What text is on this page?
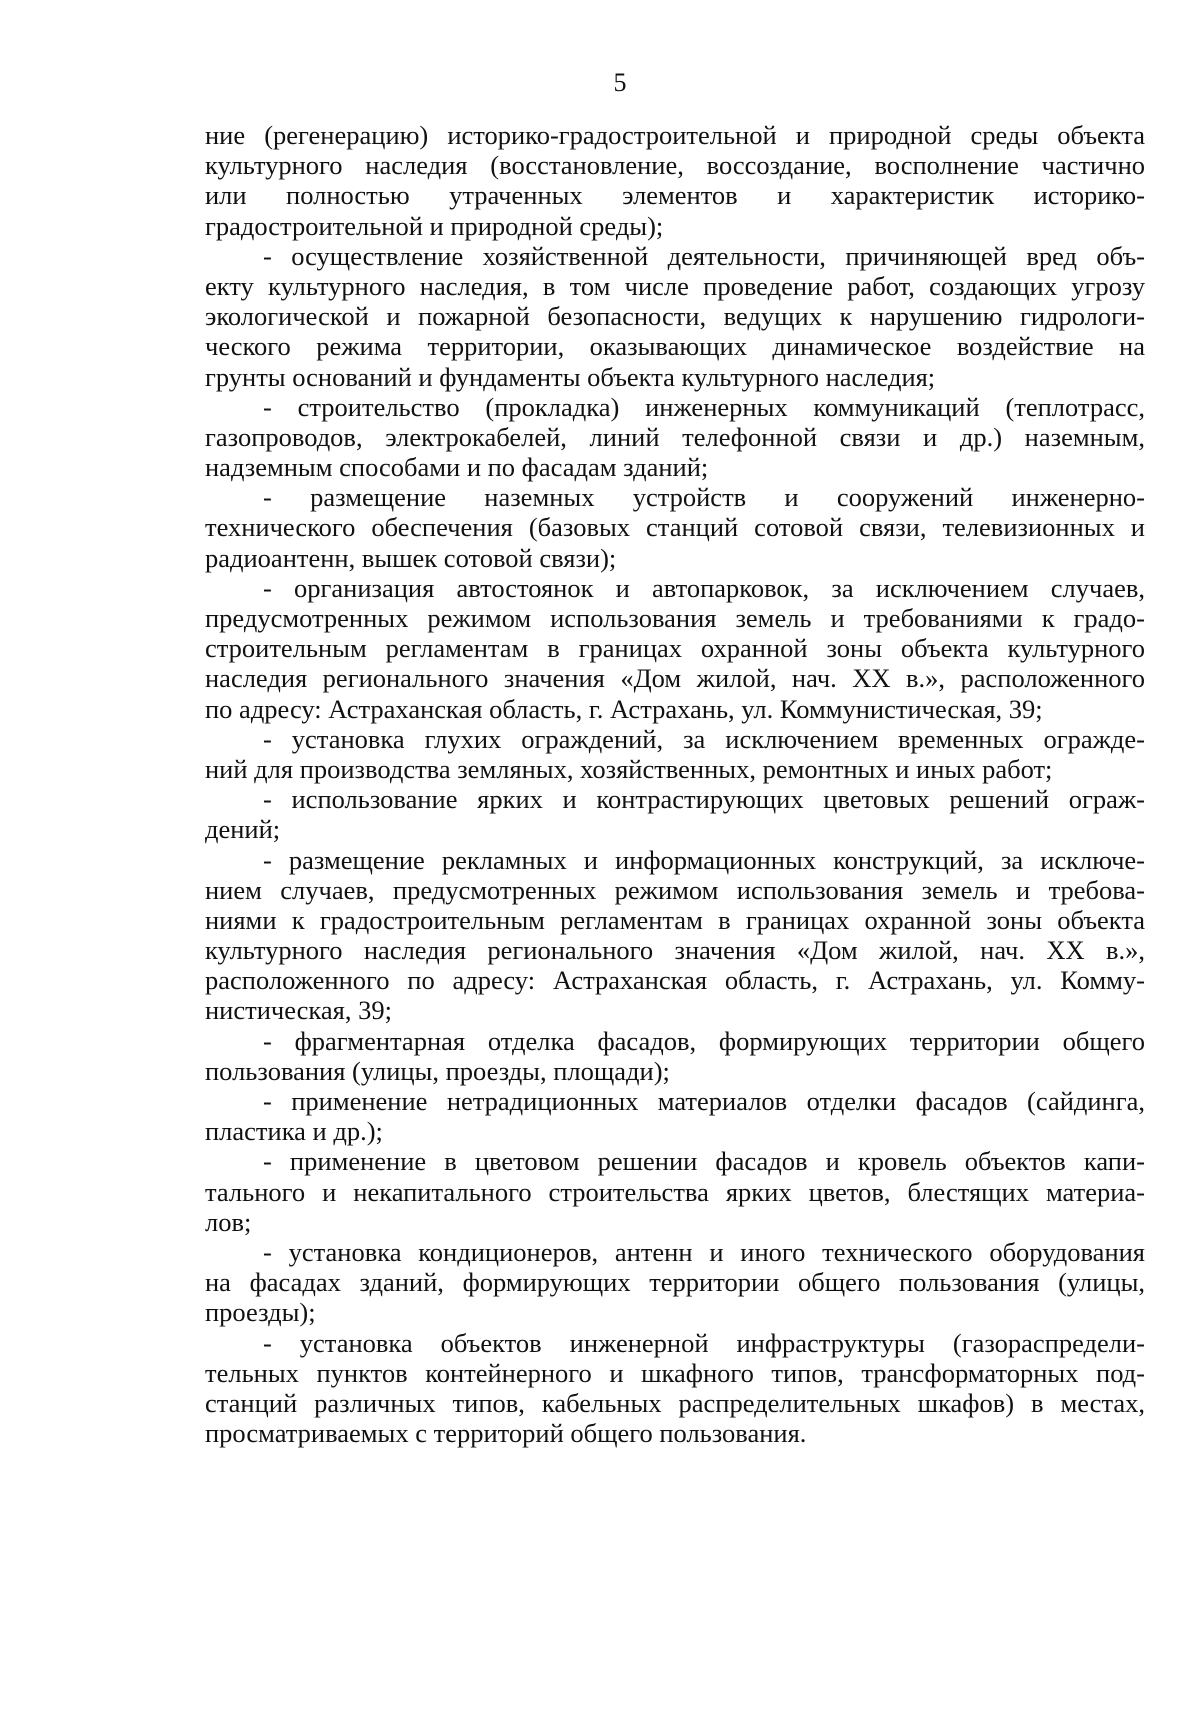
5
ние (регенерацию) историко-градостроительной и природной среды объекта
культурного наследия (восстановление, воссоздание, восполнение частично
или полностью утраченных элементов и характеристик историко-
градостроительной и природной среды);
- осуществление хозяйственной деятельности, причиняющей вред объ-
екту культурного наследия, в том числе проведение работ, создающих угрозу
экологической и пожарной безопасности, ведущих к нарушению гидрологи-
ческого режима территории, оказывающих динамическое воздействие на
грунты оснований и фундаменты объекта культурного наследия;
- строительство (прокладка) инженерных коммуникаций (теплотрасс,
газопроводов, электрокабелей, линий телефонной связи и др.) наземным,
надземным способами и по фасадам зданий;
- размещение наземных устройств и сооружений инженерно-
технического обеспечения (базовых станций сотовой связи, телевизионных и
радиоантенн, вышек сотовой связи);
- организация автостоянок и автопарковок, за исключением случаев,
предусмотренных режимом использования земель и требованиями к градо-
строительным регламентам в границах охранной зоны объекта культурного
наследия регионального значения «Дом жилой, нач. XX в.», расположенного
по адресу: Астраханская область, г. Астрахань, ул. Коммунистическая, 39;
- установка глухих ограждений, за исключением временных огражде-
ний для производства земляных, хозяйственных, ремонтных и иных работ;
- использование ярких и контрастирующих цветовых решений ограж-
дений;
- размещение рекламных и информационных конструкций, за исключе-
нием случаев, предусмотренных режимом использования земель и требова-
ниями к градостроительным регламентам в границах охранной зоны объекта
культурного наследия регионального значения «Дом жилой, нач. XX в.»,
расположенного по адресу: Астраханская область, г. Астрахань, ул. Комму-
нистическая, 39;
- фрагментарная отделка фасадов, формирующих территории общего
пользования (улицы, проезды, площади);
- применение нетрадиционных материалов отделки фасадов (сайдинга,
пластика и др.);
- применение в цветовом решении фасадов и кровель объектов капи-
тального и некапитального строительства ярких цветов, блестящих материа-
лов;
- установка кондиционеров, антенн и иного технического оборудования
на фасадах зданий, формирующих территории общего пользования (улицы,
проезды);
- установка объектов инженерной инфраструктуры (газораспредели-
тельных пунктов контейнерного и шкафного типов, трансформаторных под-
станций различных типов, кабельных распределительных шкафов) в местах,
просматриваемых с территорий общего пользования.
